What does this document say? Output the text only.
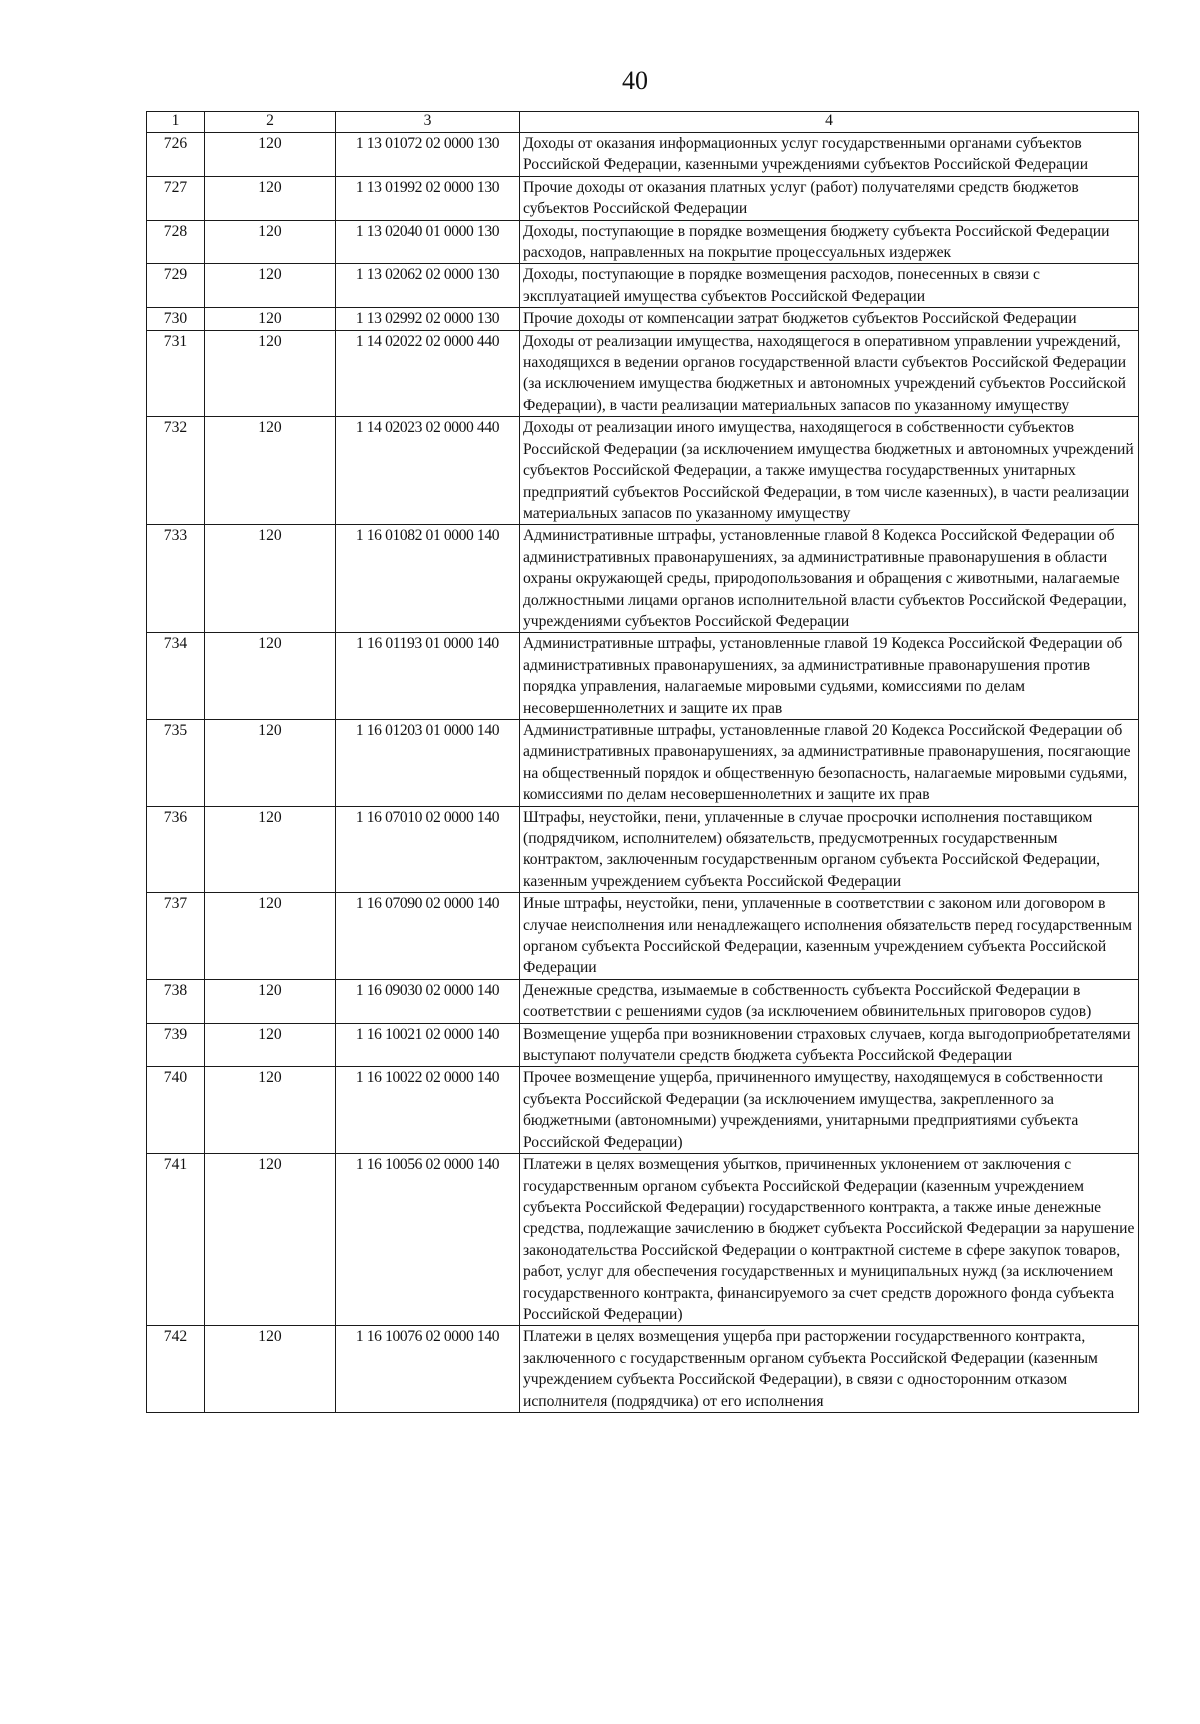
40
1	2	3	4
726	120	1 13 01072 02 0000 130	Доходы от оказания информационных услуг государственными органами субъектов Российской Федерации, казенными учреждениями субъектов Российской Федерации
727	120	1 13 01992 02 0000 130	Прочие доходы от оказания платных услуг (работ) получателями средств бюджетов субъектов Российской Федерации
728	120	1 13 02040 01 0000 130	Доходы, поступающие в порядке возмещения бюджету субъекта Российской Федерации расходов, направленных на покрытие процессуальных издержек
729	120	1 13 02062 02 0000 130	Доходы, поступающие в порядке возмещения расходов, понесенных в связи с эксплуатацией имущества субъектов Российской Федерации
730	120	1 13 02992 02 0000 130	Прочие доходы от компенсации затрат бюджетов субъектов Российской Федерации
731	120	1 14 02022 02 0000 440	Доходы от реализации имущества, находящегося в оперативном управлении учреждений, находящихся в ведении органов государственной власти субъектов Российской Федерации (за исключением имущества бюджетных и автономных учреждений субъектов Российской Федерации), в части реализации материальных запасов по указанному имуществу
732	120	1 14 02023 02 0000 440	Доходы от реализации иного имущества, находящегося в собственности субъектов Российской Федерации (за исключением имущества бюджетных и автономных учреждений субъектов Российской Федерации, а также имущества государственных унитарных предприятий субъектов Российской Федерации, в том числе казенных), в части реализации материальных запасов по указанному имуществу
733	120	1 16 01082 01 0000 140	Административные штрафы, установленные главой 8 Кодекса Российской Федерации об административных правонарушениях, за административные правонарушения в области охраны окружающей среды, природопользования и обращения с животными, налагаемые должностными лицами органов исполнительной власти субъектов Российской Федерации, учреждениями субъектов Российской Федерации
734	120	1 16 01193 01 0000 140	Административные штрафы, установленные главой 19 Кодекса Российской Федерации об административных правонарушениях, за административные правонарушения против порядка управления, налагаемые мировыми судьями, комиссиями по делам несовершеннолетних и защите их прав
735	120	1 16 01203 01 0000 140	Административные штрафы, установленные главой 20 Кодекса Российской Федерации об административных правонарушениях, за административные правонарушения, посягающие на общественный порядок и общественную безопасность, налагаемые мировыми судьями, комиссиями по делам несовершеннолетних и защите их прав
736	120	1 16 07010 02 0000 140	Штрафы, неустойки, пени, уплаченные в случае просрочки исполнения поставщиком (подрядчиком, исполнителем) обязательств, предусмотренных государственным контрактом, заключенным государственным органом субъекта Российской Федерации, казенным учреждением субъекта Российской Федерации
737	120	1 16 07090 02 0000 140	Иные штрафы, неустойки, пени, уплаченные в соответствии с законом или договором в случае неисполнения или ненадлежащего исполнения обязательств перед государственным органом субъекта Российской Федерации, казенным учреждением субъекта Российской Федерации
738	120	1 16 09030 02 0000 140	Денежные средства, изымаемые в собственность субъекта Российской Федерации в соответствии с решениями судов (за исключением обвинительных приговоров судов)
739	120	1 16 10021 02 0000 140	Возмещение ущерба при возникновении страховых случаев, когда выгодоприобретателями выступают получатели средств бюджета субъекта Российской Федерации
740	120	1 16 10022 02 0000 140	Прочее возмещение ущерба, причиненного имуществу, находящемуся в собственности субъекта Российской Федерации (за исключением имущества, закрепленного за бюджетными (автономными) учреждениями, унитарными предприятиями субъекта Российской Федерации)
741	120	1 16 10056 02 0000 140	Платежи в целях возмещения убытков, причиненных уклонением от заключения с государственным органом субъекта Российской Федерации (казенным учреждением субъекта Российской Федерации) государственного контракта, а также иные денежные средства, подлежащие зачислению в бюджет субъекта Российской Федерации за нарушение законодательства Российской Федерации о контрактной системе в сфере закупок товаров, работ, услуг для обеспечения государственных и муниципальных нужд (за исключением государственного контракта, финансируемого за счет средств дорожного фонда субъекта Российской Федерации)
742	120	1 16 10076 02 0000 140	Платежи в целях возмещения ущерба при расторжении государственного контракта, заключенного с государственным органом субъекта Российской Федерации (казенным учреждением субъекта Российской Федерации), в связи с односторонним отказом исполнителя (подрядчика) от его исполнения
